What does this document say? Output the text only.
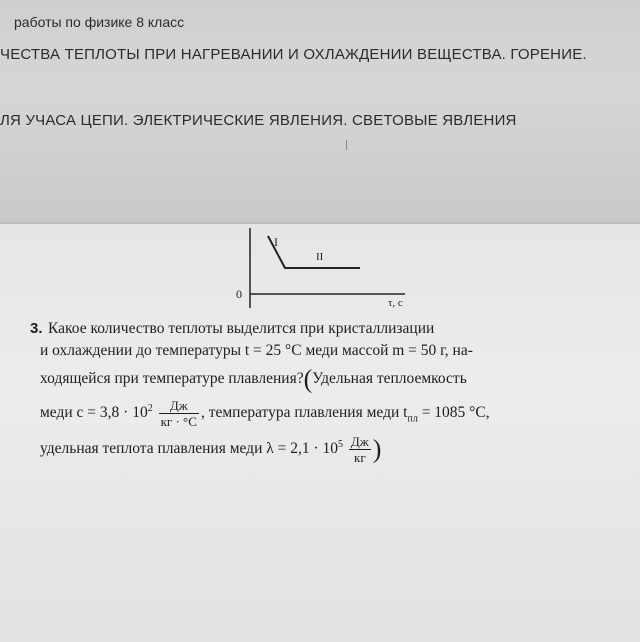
работы по физике 8 класс
ЧЕСТВА ТЕПЛОТЫ ПРИ НАГРЕВАНИИ И ОХЛАЖДЕНИИ ВЕЩЕСТВА. ГОРЕНИЕ.
ЛЯ УЧАСА ЦЕПИ. ЭЛЕКТРИЧЕСКИЕ ЯВЛЕНИЯ. СВЕТОВЫЕ ЯВЛЕНИЯ
I
II
0
τ, с
3. Какое количество теплоты выделится при кристаллизации
и охлаждении до температуры t = 25 °С меди массой m = 50 г, на-
ходящейся при температуре плавления?(Удельная теплоемкость
меди $c = 3,8 \cdot 10^2 \frac{Дж}{кг \cdot ^\circ С}$ , температура плавления меди $t_{пл} = 1085$ °С,
удельная теплота плавления меди $\lambda = 2,1 \cdot 10^5 \frac{Дж}{кг}$ )
